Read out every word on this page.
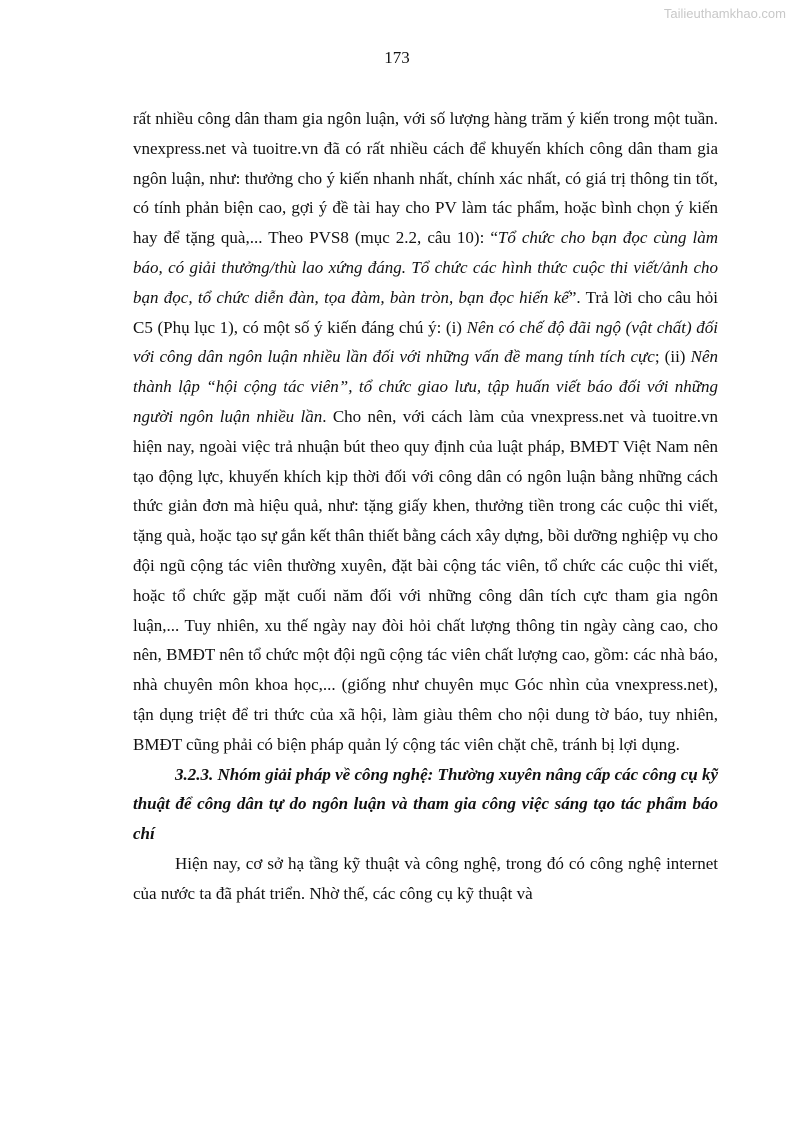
Tailieuthamkhao.com
173

rất nhiều công dân tham gia ngôn luận, với số lượng hàng trăm ý kiến trong một tuần. vnexpress.net và tuoitre.vn đã có rất nhiều cách để khuyến khích công dân tham gia ngôn luận, như: thưởng cho ý kiến nhanh nhất, chính xác nhất, có giá trị thông tin tốt, có tính phản biện cao, gợi ý đề tài hay cho PV làm tác phẩm, hoặc bình chọn ý kiến hay để tặng quà,... Theo PVS8 (mục 2.2, câu 10): “Tổ chức cho bạn đọc cùng làm báo, có giải thưởng/thù lao xứng đáng. Tổ chức các hình thức cuộc thi viết/ảnh cho bạn đọc, tổ chức diễn đàn, tọa đàm, bàn tròn, bạn đọc hiến kế”. Trả lời cho câu hỏi C5 (Phụ lục 1), có một số ý kiến đáng chú ý: (i) Nên có chế độ đãi ngộ (vật chất) đối với công dân ngôn luận nhiều lần đối với những vấn đề mang tính tích cực; (ii) Nên thành lập “hội cộng tác viên”, tổ chức giao lưu, tập huấn viết báo đối với những người ngôn luận nhiều lần. Cho nên, với cách làm của vnexpress.net và tuoitre.vn hiện nay, ngoài việc trả nhuận bút theo quy định của luật pháp, BMĐT Việt Nam nên tạo động lực, khuyến khích kịp thời đối với công dân có ngôn luận bằng những cách thức giản đơn mà hiệu quả, như: tặng giấy khen, thưởng tiền trong các cuộc thi viết, tặng quà, hoặc tạo sự gắn kết thân thiết bằng cách xây dựng, bồi dưỡng nghiệp vụ cho đội ngũ cộng tác viên thường xuyên, đặt bài cộng tác viên, tổ chức các cuộc thi viết, hoặc tổ chức gặp mặt cuối năm đối với những công dân tích cực tham gia ngôn luận,... Tuy nhiên, xu thế ngày nay đòi hỏi chất lượng thông tin ngày càng cao, cho nên, BMĐT nên tổ chức một đội ngũ cộng tác viên chất lượng cao, gồm: các nhà báo, nhà chuyên môn khoa học,... (giống như chuyên mục Góc nhìn của vnexpress.net), tận dụng triệt để tri thức của xã hội, làm giàu thêm cho nội dung tờ báo, tuy nhiên, BMĐT cũng phải có biện pháp quản lý cộng tác viên chặt chẽ, tránh bị lợi dụng.

3.2.3. Nhóm giải pháp về công nghệ: Thường xuyên nâng cấp các công cụ kỹ thuật để công dân tự do ngôn luận và tham gia công việc sáng tạo tác phẩm báo chí

Hiện nay, cơ sở hạ tầng kỹ thuật và công nghệ, trong đó có công nghệ internet của nước ta đã phát triển. Nhờ thế, các công cụ kỹ thuật và
